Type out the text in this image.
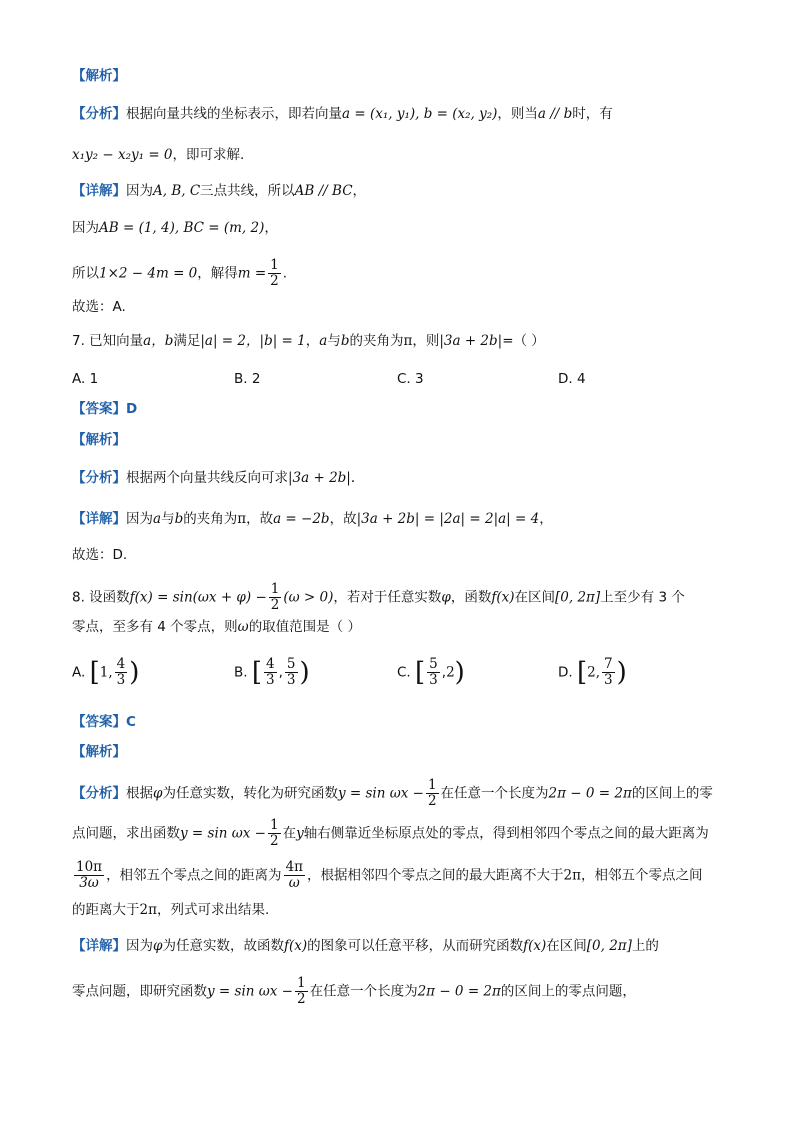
【解析】
【分析】根据向量共线的坐标表示，即若向量a = (x₁, y₁), b = (x₂, y₂)，则当a // b时，有
x₁y₂ − x₂y₁ = 0，即可求解.
【详解】因为A, B, C三点共线，所以AB // BC，
因为AB = (1, 4), BC = (m, 2)，
所以1×2 − 4m = 0，解得$m = \frac{1}{2}$ .
故选：A.
7. 已知向量a，b满足|a| = 2，|b| = 1，a与b的夹角为π，则|3a + 2b|=（ ）
A. 1	B. 2	C. 3	D. 4
【答案】D
【解析】
【分析】根据两个向量共线反向可求|3a + 2b|.
【详解】因为a与b的夹角为π，故a = −2b，故|3a + 2b| = |2a| = 2|a| = 4，
故选：D.
8. 设函数$f(x) = \sin(\omega x + \varphi) - \frac{1}{2} (\omega > 0)$，若对于任意实数φ，函数f(x)在区间[0, 2π]上至少有 3 个
零点，至多有 4 个零点，则ω的取值范围是（ ）
A. [1, $\frac{4}{3}$ )	B. [ $\frac{4}{3}$ , $\frac{5}{3}$ )	C. [ $\frac{5}{3} ,2$)	D. [2, $\frac{7}{3}$ )
【答案】C
【解析】
【分析】根据φ为任意实数，转化为研究函数$y = \sin \omega x - \frac{1}{2}$ 在任意一个长度为2π − 0 = 2π的区间上的零
点问题，求出函数$y = \sin \omega x - \frac{1}{2}$ 在y轴右侧靠近坐标原点处的零点，得到相邻四个零点之间的最大距离为
$\frac{10\pi}{3\omega}$ ，相邻五个零点之间的距离为 $\frac{4\pi}{\omega}$ ，根据相邻四个零点之间的最大距离不大于2π，相邻五个零点之间
的距离大于2π，列式可求出结果.
【详解】因为φ为任意实数，故函数f(x)的图象可以任意平移，从而研究函数f(x)在区间[0, 2π]上的
零点问题，即研究函数$y = \sin \omega x - \frac{1}{2}$ 在任意一个长度为2π − 0 = 2π的区间上的零点问题，
